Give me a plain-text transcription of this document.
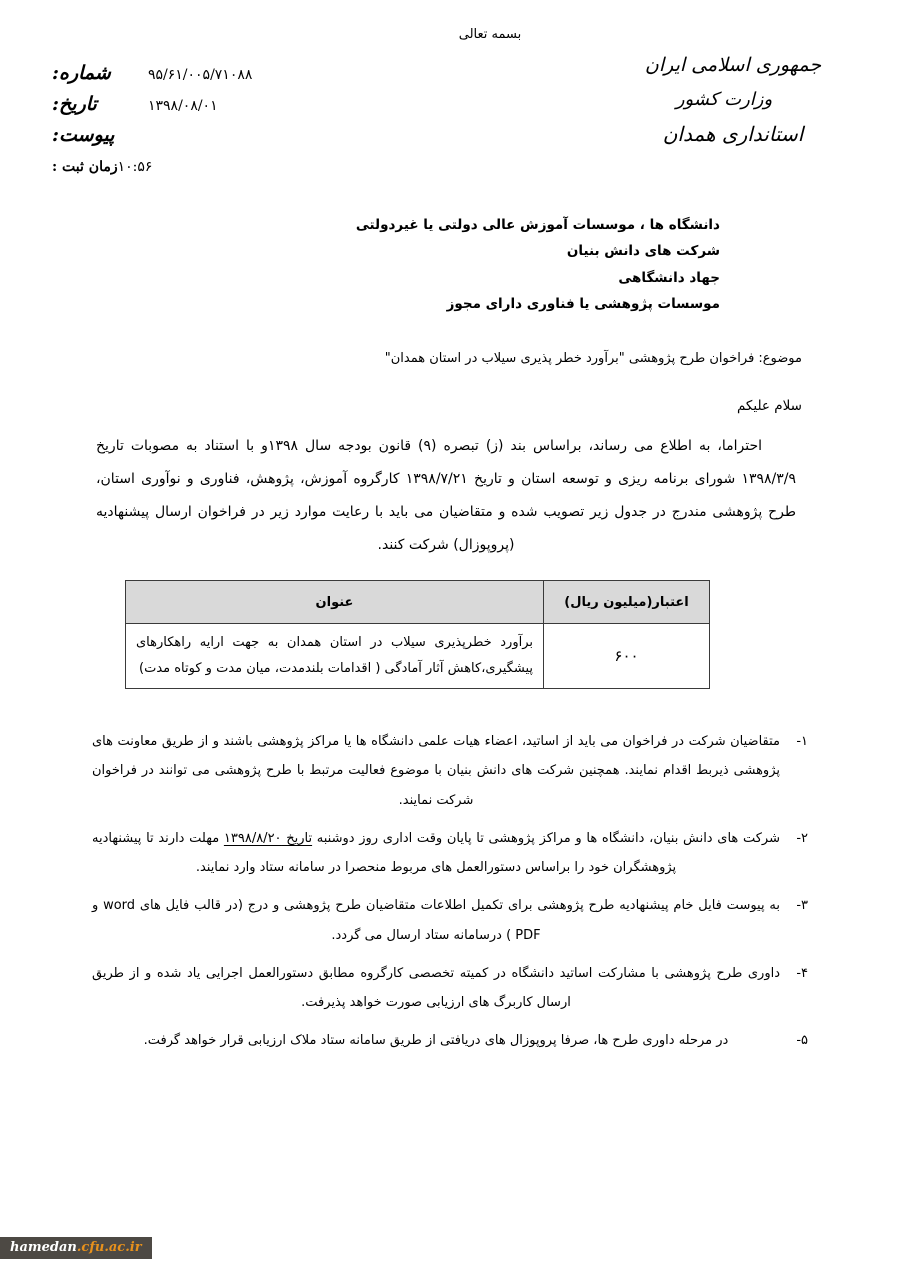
بسمه تعالی
جمهوری اسلامی ایران
وزارت کشور
استانداری همدان
شماره:	۹۵/۶۱/۰۰۵/۷۱۰۸۸
تاریخ:	۱۳۹۸/۰۸/۰۱
پیوست:
زمان ثبت : ۱۰:۵۶
دانشگاه ها ، موسسات آموزش عالی دولتی یا غیردولتی
شرکت های دانش بنیان
جهاد دانشگاهی
موسسات پژوهشی یا فناوری دارای مجوز
موضوع: فراخوان طرح پژوهشی "برآورد خطر پذیری سیلاب در استان همدان"
سلام علیکم
احتراما، به اطلاع می رساند، براساس بند (ز) تبصره (۹) قانون بودجه سال ۱۳۹۸و با استناد به مصوبات تاریخ ۱۳۹۸/۳/۹ شورای برنامه ریزی و توسعه استان و تاریخ ۱۳۹۸/۷/۲۱ کارگروه آموزش، پژوهش، فناوری و نوآوری استان، طرح پژوهشی مندرج در جدول زیر تصویب شده و متقاضیان می باید با رعایت موارد زیر در فراخوان ارسال پیشنهادیه (پروپوزال) شرکت کنند.
اعتبار(میلیون ریال)	عنوان
۶۰۰	برآورد خطرپذیری سیلاب در استان همدان به جهت ارایه راهکارهای پیشگیری،کاهش آثار آمادگی ( اقدامات بلندمدت، میان مدت و کوتاه مدت)
۱-
متقاضیان شرکت در فراخوان می باید از اساتید، اعضاء هیات علمی دانشگاه ها یا مراکز پژوهشی باشند و از طریق معاونت های پژوهشی ذیربط اقدام نمایند. همچنین شرکت های دانش بنیان با موضوع فعالیت مرتبط با طرح پژوهشی می توانند در فراخوان شرکت نمایند.
۲-
شرکت های دانش بنیان، دانشگاه ها و مراکز پژوهشی تا پایان وقت اداری روز دوشنبه تاریخ ۱۳۹۸/۸/۲۰ مهلت دارند تا پیشنهادیه پژوهشگران خود را براساس دستورالعمل های مربوط منحصرا در سامانه ستاد وارد نمایند.
۳-
به پیوست فایل خام پیشنهادیه طرح پژوهشی برای تکمیل اطلاعات متقاضیان طرح پژوهشی و درج (در قالب فایل های word و PDF ) درسامانه ستاد ارسال می گردد.
۴-
داوری طرح پژوهشی با مشارکت اساتید دانشگاه در کمیته تخصصی کارگروه مطابق دستورالعمل اجرایی یاد شده و از طریق ارسال کاربرگ های ارزیابی صورت خواهد پذیرفت.
۵-
در مرحله داوری طرح ها، صرفا پروپوزال های دریافتی از طریق سامانه ستاد ملاک ارزیابی قرار خواهد گرفت.
hamedan.cfu.ac.ir
